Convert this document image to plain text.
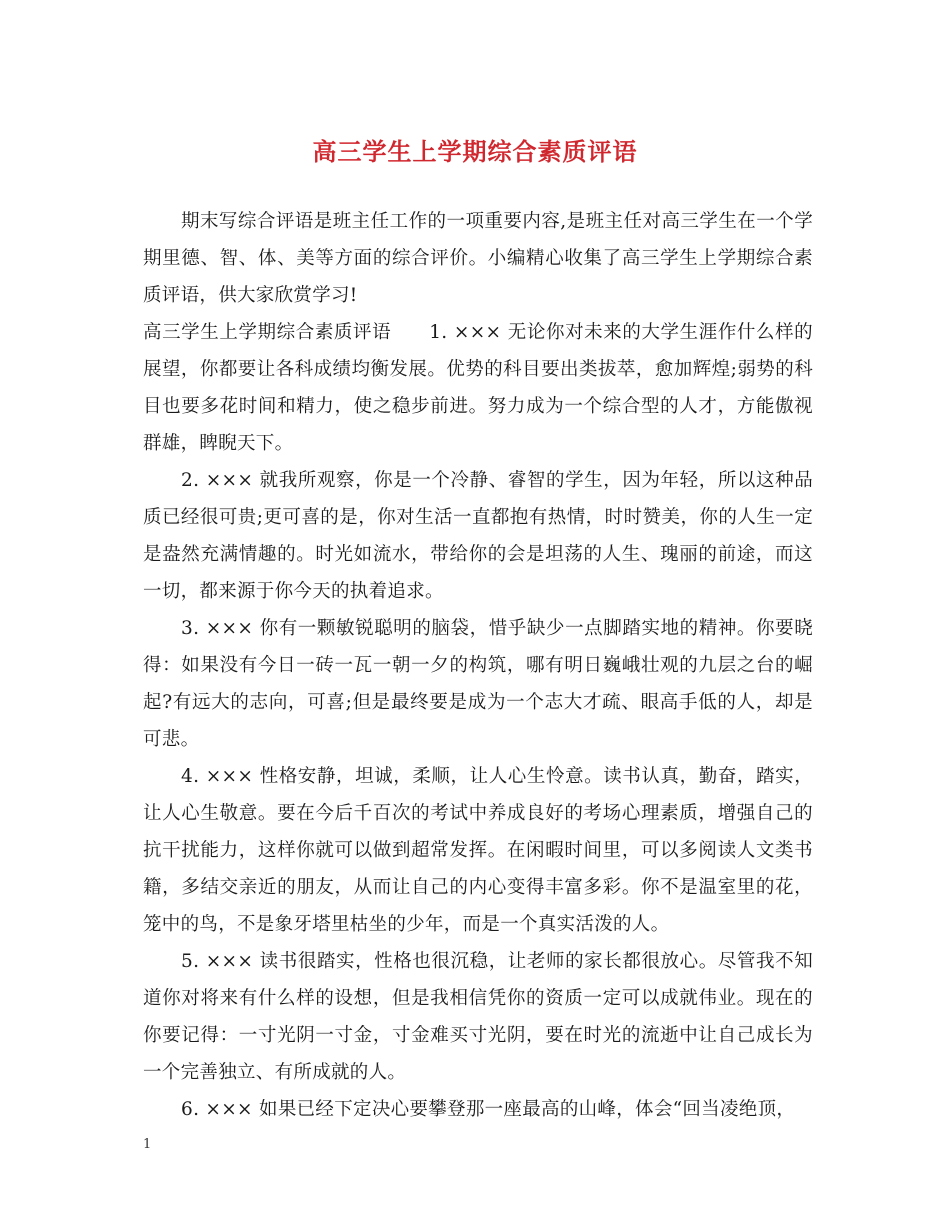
高三学生上学期综合素质评语

期末写综合评语是班主任工作的一项重要内容,是班主任对高三学生在一个学期里德、智、体、美等方面的综合评价。小编精心收集了高三学生上学期综合素质评语，供大家欣赏学习!

高三学生上学期综合素质评语 1. ××× 无论你对未来的大学生涯作什么样的展望，你都要让各科成绩均衡发展。优势的科目要出类拔萃，愈加辉煌;弱势的科目也要多花时间和精力，使之稳步前进。努力成为一个综合型的人才，方能傲视群雄，睥睨天下。

2. ××× 就我所观察，你是一个冷静、睿智的学生，因为年轻，所以这种品质已经很可贵;更可喜的是，你对生活一直都抱有热情，时时赞美，你的人生一定是盎然充满情趣的。时光如流水，带给你的会是坦荡的人生、瑰丽的前途，而这一切，都来源于你今天的执着追求。

3. ××× 你有一颗敏锐聪明的脑袋，惜乎缺少一点脚踏实地的精神。你要晓得：如果没有今日一砖一瓦一朝一夕的构筑，哪有明日巍峨壮观的九层之台的崛起?有远大的志向，可喜;但是最终要是成为一个志大才疏、眼高手低的人，却是可悲。

4. ××× 性格安静，坦诚，柔顺，让人心生怜意。读书认真，勤奋，踏实，让人心生敬意。要在今后千百次的考试中养成良好的考场心理素质，增强自己的抗干扰能力，这样你就可以做到超常发挥。在闲暇时间里，可以多阅读人文类书籍，多结交亲近的朋友，从而让自己的内心变得丰富多彩。你不是温室里的花，笼中的鸟，不是象牙塔里枯坐的少年，而是一个真实活泼的人。

5. ××× 读书很踏实，性格也很沉稳，让老师的家长都很放心。尽管我不知道你对将来有什么样的设想，但是我相信凭你的资质一定可以成就伟业。现在的你要记得：一寸光阴一寸金，寸金难买寸光阴，要在时光的流逝中让自己成长为一个完善独立、有所成就的人。

6. ××× 如果已经下定决心要攀登那一座最高的山峰，体会“回当凌绝顶，

1
